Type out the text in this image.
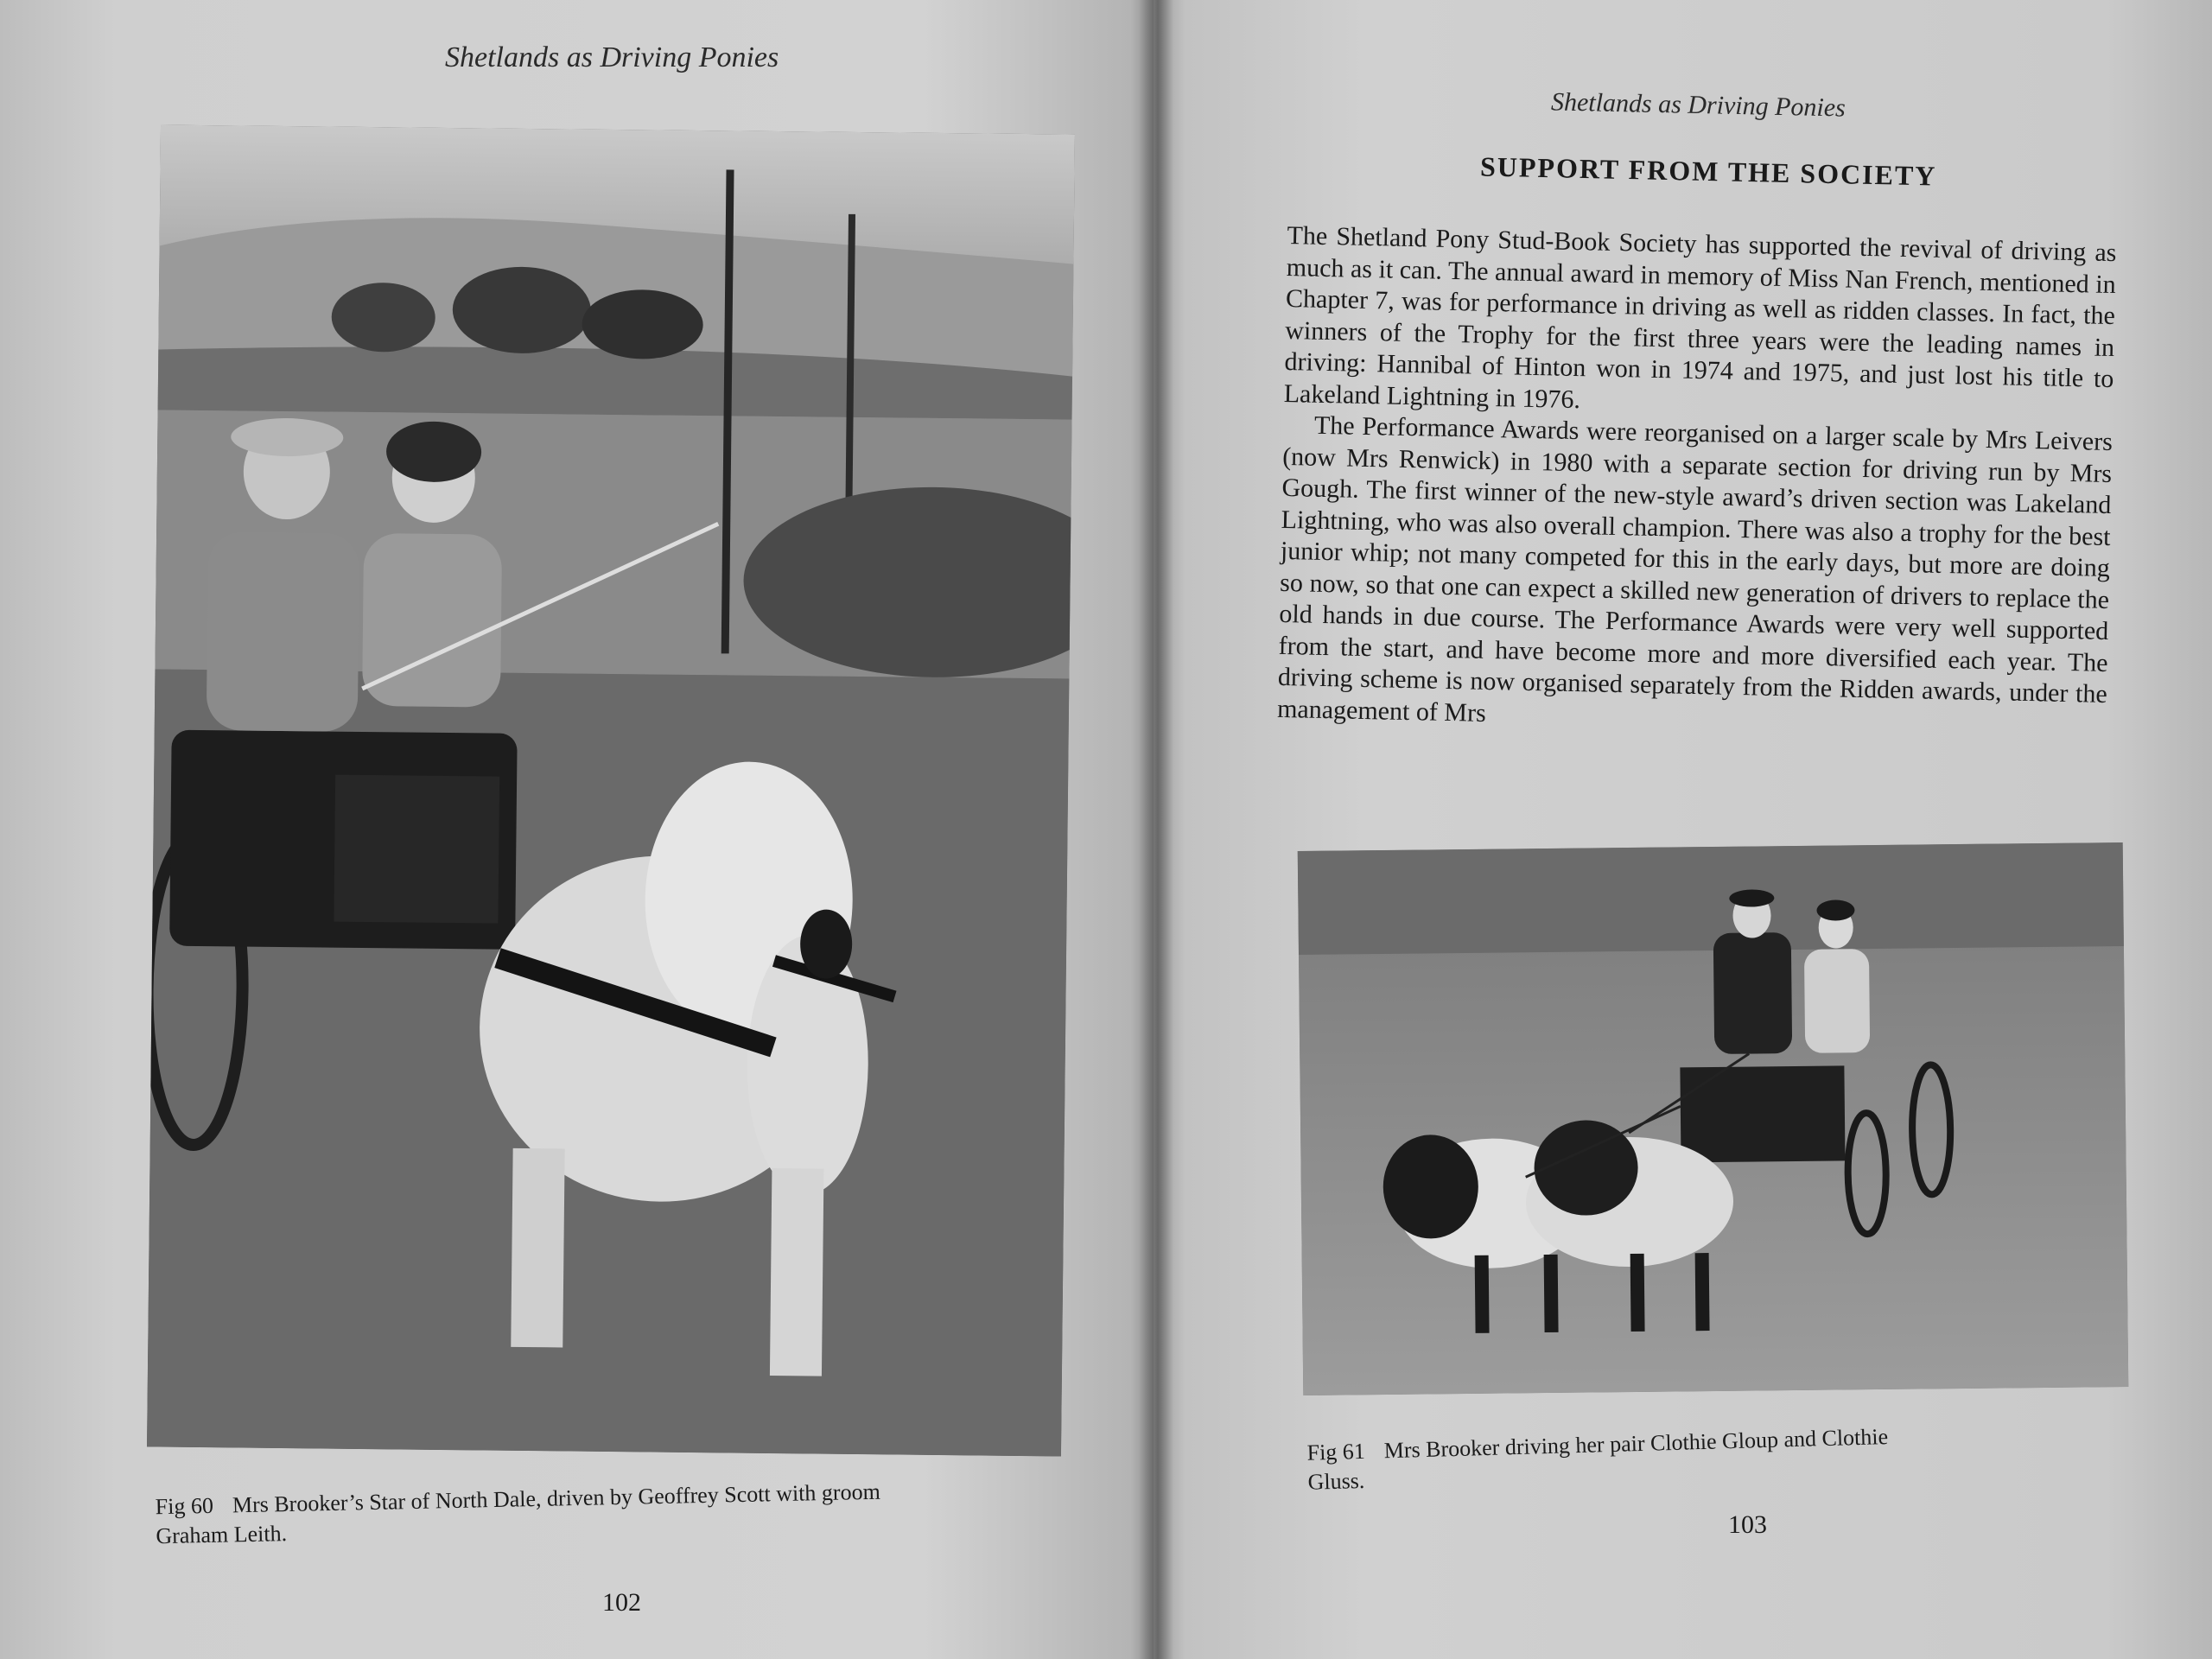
Shetlands as Driving Ponies
Fig 60 Mrs Brooker’s Star of North Dale, driven by Geoffrey Scott with groom Graham Leith.
102
Shetlands as Driving Ponies
SUPPORT FROM THE SOCIETY

The Shetland Pony Stud-Book Society has supported the revival of driving as much as it can. The annual award in memory of Miss Nan French, mentioned in Chapter 7, was for performance in driving as well as ridden classes. In fact, the winners of the Trophy for the first three years were the leading names in driving: Hannibal of Hinton won in 1974 and 1975, and just lost his title to Lakeland Lightning in 1976.

The Performance Awards were reorganised on a larger scale by Mrs Leivers (now Mrs Renwick) in 1980 with a separate section for driving run by Mrs Gough. The first winner of the new-style award’s driven section was Lakeland Lightning, who was also overall champion. There was also a trophy for the best junior whip; not many competed for this in the early days, but more are doing so now, so that one can expect a skilled new generation of drivers to replace the old hands in due course. The Performance Awards were very well supported from the start, and have become more and more diversified each year. The driving scheme is now organised separately from the Ridden awards, under the management of Mrs

Fig 61 Mrs Brooker driving her pair Clothie Gloup and Clothie Gluss.
103
